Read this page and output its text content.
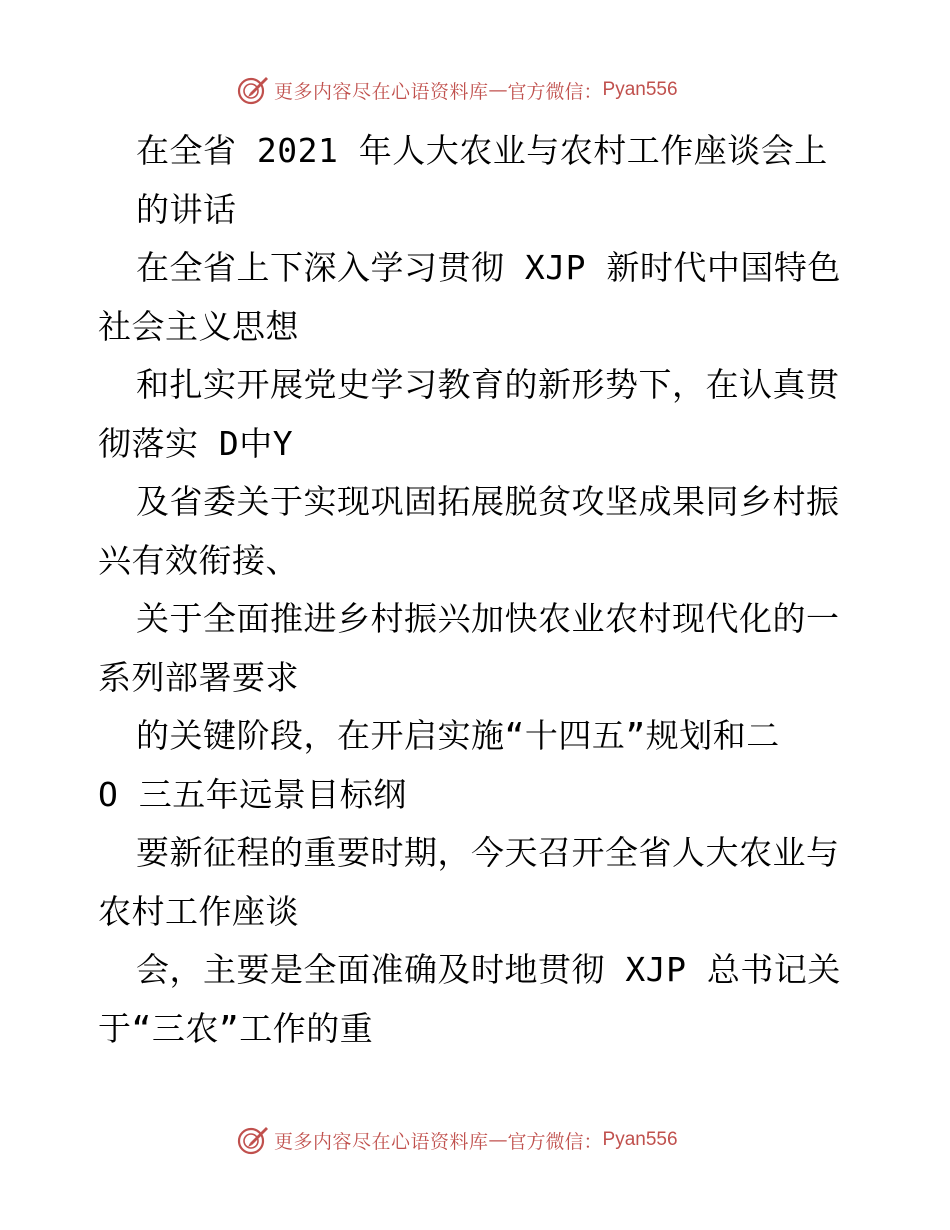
更多内容尽在心语资料库 — 官方微信： Pyan556
在全省 2021 年人大农业与农村工作座谈会上
的讲话
在全省上下深入学习贯彻 XJP 新时代中国特色
社会主义思想
和扎实开展党史学习教育的新形势下，在认真贯
彻落实 D中Y
及省委关于实现巩固拓展脱贫攻坚成果同乡村振
兴有效衔接、
关于全面推进乡村振兴加快农业农村现代化的一
系列部署要求
的关键阶段，在开启实施“十四五”规划和二
O 三五年远景目标纲
要新征程的重要时期，今天召开全省人大农业与
农村工作座谈
会，主要是全面准确及时地贯彻 XJP 总书记关
于“三农”工作的重
更多内容尽在心语资料库 — 官方微信： Pyan556
